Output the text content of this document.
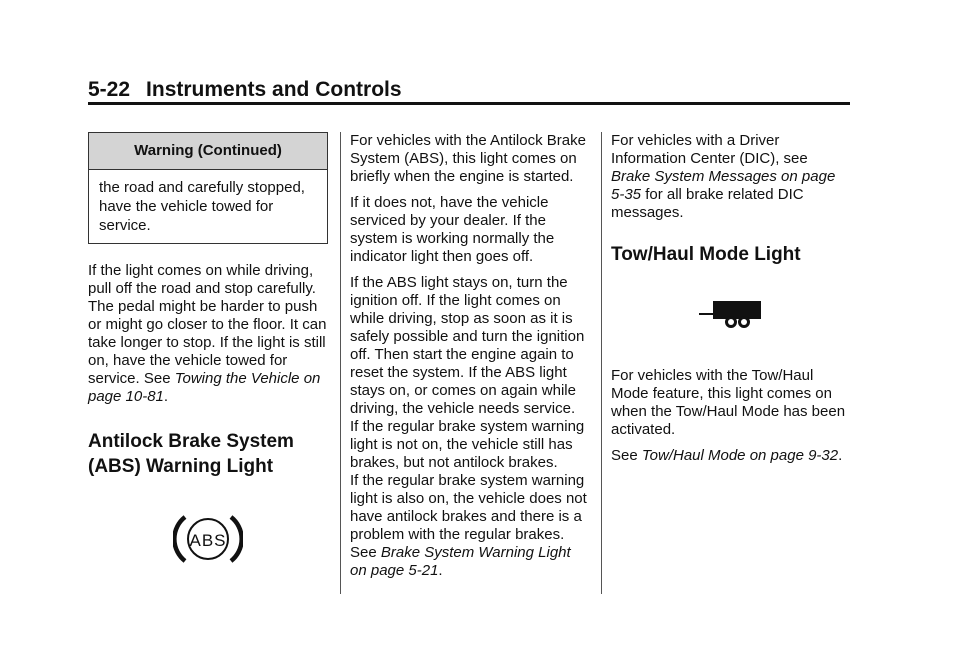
5-22 Instruments and Controls
Warning (Continued)
the road and carefully stopped, have the vehicle towed for service.

If the light comes on while driving, pull off the road and stop carefully. The pedal might be harder to push or might go closer to the floor. It can take longer to stop. If the light is still on, have the vehicle towed for service. See Towing the Vehicle on page 10-81.

Antilock Brake System (ABS) Warning Light
ABS

For vehicles with the Antilock Brake System (ABS), this light comes on briefly when the engine is started.

If it does not, have the vehicle serviced by your dealer. If the system is working normally the indicator light then goes off.

If the ABS light stays on, turn the ignition off. If the light comes on while driving, stop as soon as it is safely possible and turn the ignition off. Then start the engine again to reset the system. If the ABS light stays on, or comes on again while driving, the vehicle needs service.

If the regular brake system warning light is not on, the vehicle still has brakes, but not antilock brakes.

If the regular brake system warning light is also on, the vehicle does not have antilock brakes and there is a problem with the regular brakes. See Brake System Warning Light on page 5-21.

For vehicles with a Driver Information Center (DIC), see Brake System Messages on page 5-35 for all brake related DIC messages.

Tow/Haul Mode Light

For vehicles with the Tow/Haul Mode feature, this light comes on when the Tow/Haul Mode has been activated.

See Tow/Haul Mode on page 9-32.
